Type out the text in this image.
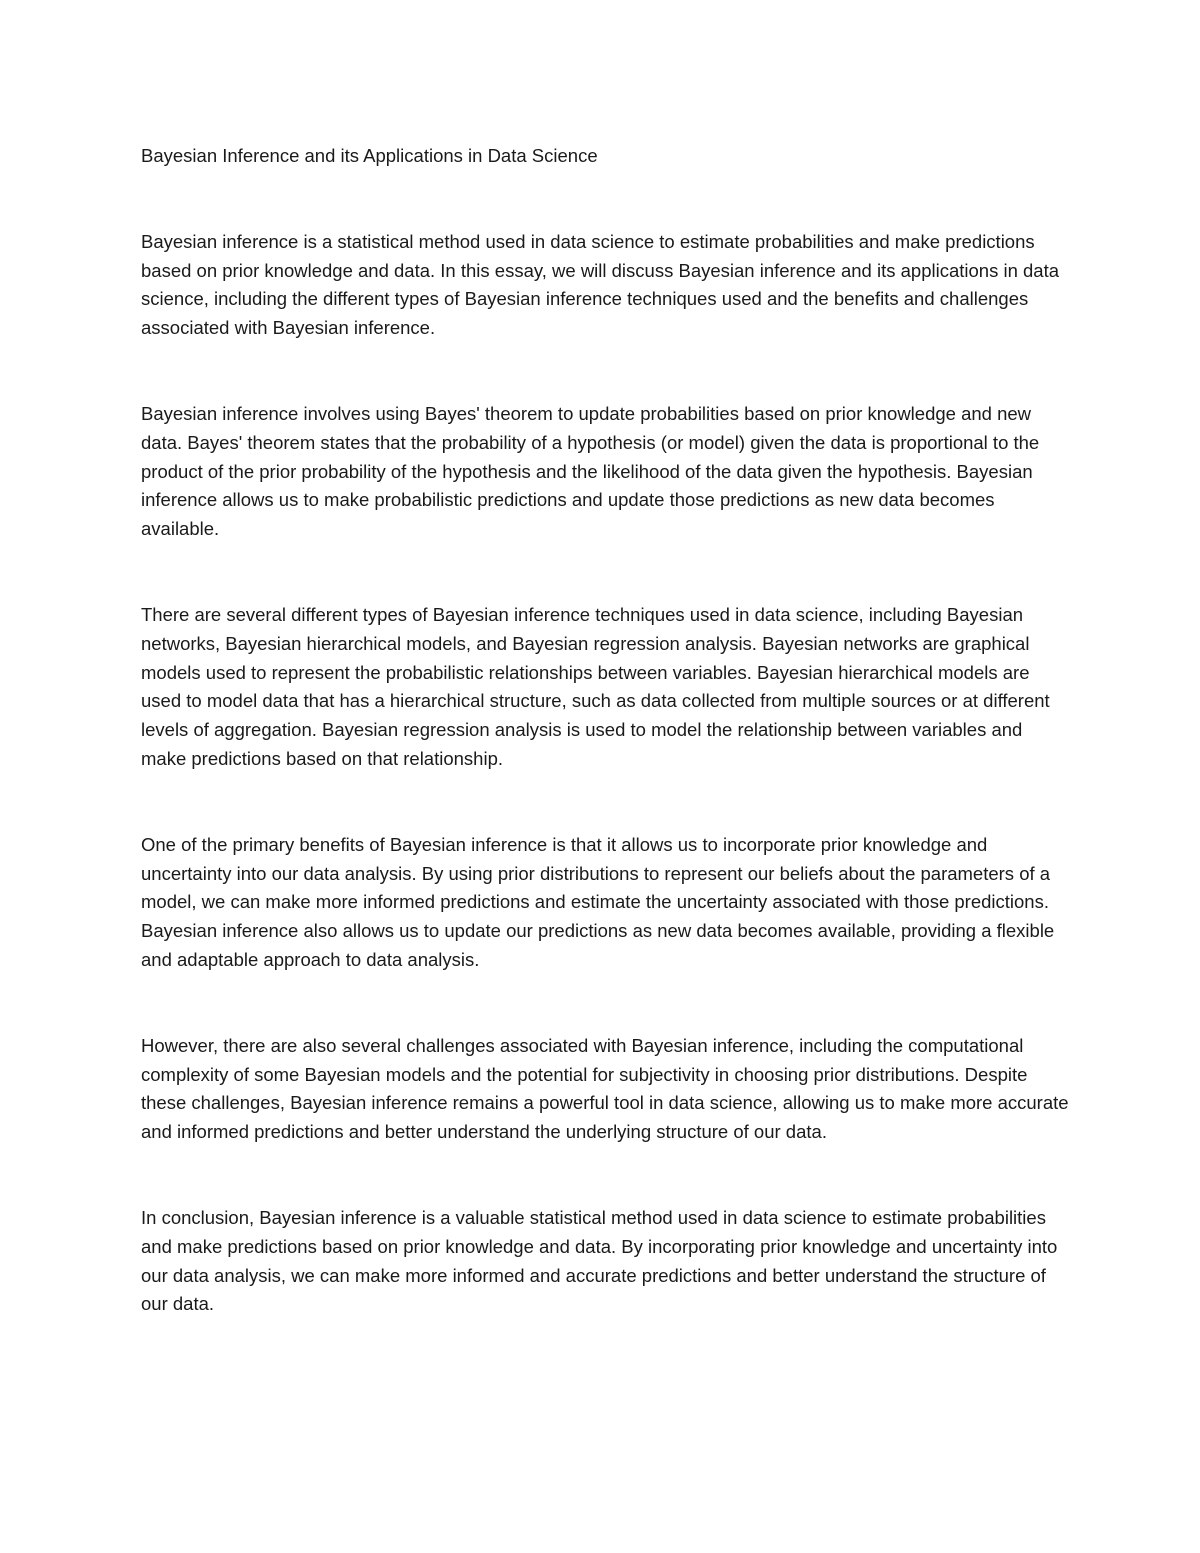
Bayesian Inference and its Applications in Data Science

Bayesian inference is a statistical method used in data science to estimate probabilities and make predictions based on prior knowledge and data. In this essay, we will discuss Bayesian inference and its applications in data science, including the different types of Bayesian inference techniques used and the benefits and challenges associated with Bayesian inference.

Bayesian inference involves using Bayes' theorem to update probabilities based on prior knowledge and new data. Bayes' theorem states that the probability of a hypothesis (or model) given the data is proportional to the product of the prior probability of the hypothesis and the likelihood of the data given the hypothesis. Bayesian inference allows us to make probabilistic predictions and update those predictions as new data becomes available.

There are several different types of Bayesian inference techniques used in data science, including Bayesian networks, Bayesian hierarchical models, and Bayesian regression analysis. Bayesian networks are graphical models used to represent the probabilistic relationships between variables. Bayesian hierarchical models are used to model data that has a hierarchical structure, such as data collected from multiple sources or at different levels of aggregation. Bayesian regression analysis is used to model the relationship between variables and make predictions based on that relationship.

One of the primary benefits of Bayesian inference is that it allows us to incorporate prior knowledge and uncertainty into our data analysis. By using prior distributions to represent our beliefs about the parameters of a model, we can make more informed predictions and estimate the uncertainty associated with those predictions. Bayesian inference also allows us to update our predictions as new data becomes available, providing a flexible and adaptable approach to data analysis.

However, there are also several challenges associated with Bayesian inference, including the computational complexity of some Bayesian models and the potential for subjectivity in choosing prior distributions. Despite these challenges, Bayesian inference remains a powerful tool in data science, allowing us to make more accurate and informed predictions and better understand the underlying structure of our data.

In conclusion, Bayesian inference is a valuable statistical method used in data science to estimate probabilities and make predictions based on prior knowledge and data. By incorporating prior knowledge and uncertainty into our data analysis, we can make more informed and accurate predictions and better understand the structure of our data.
